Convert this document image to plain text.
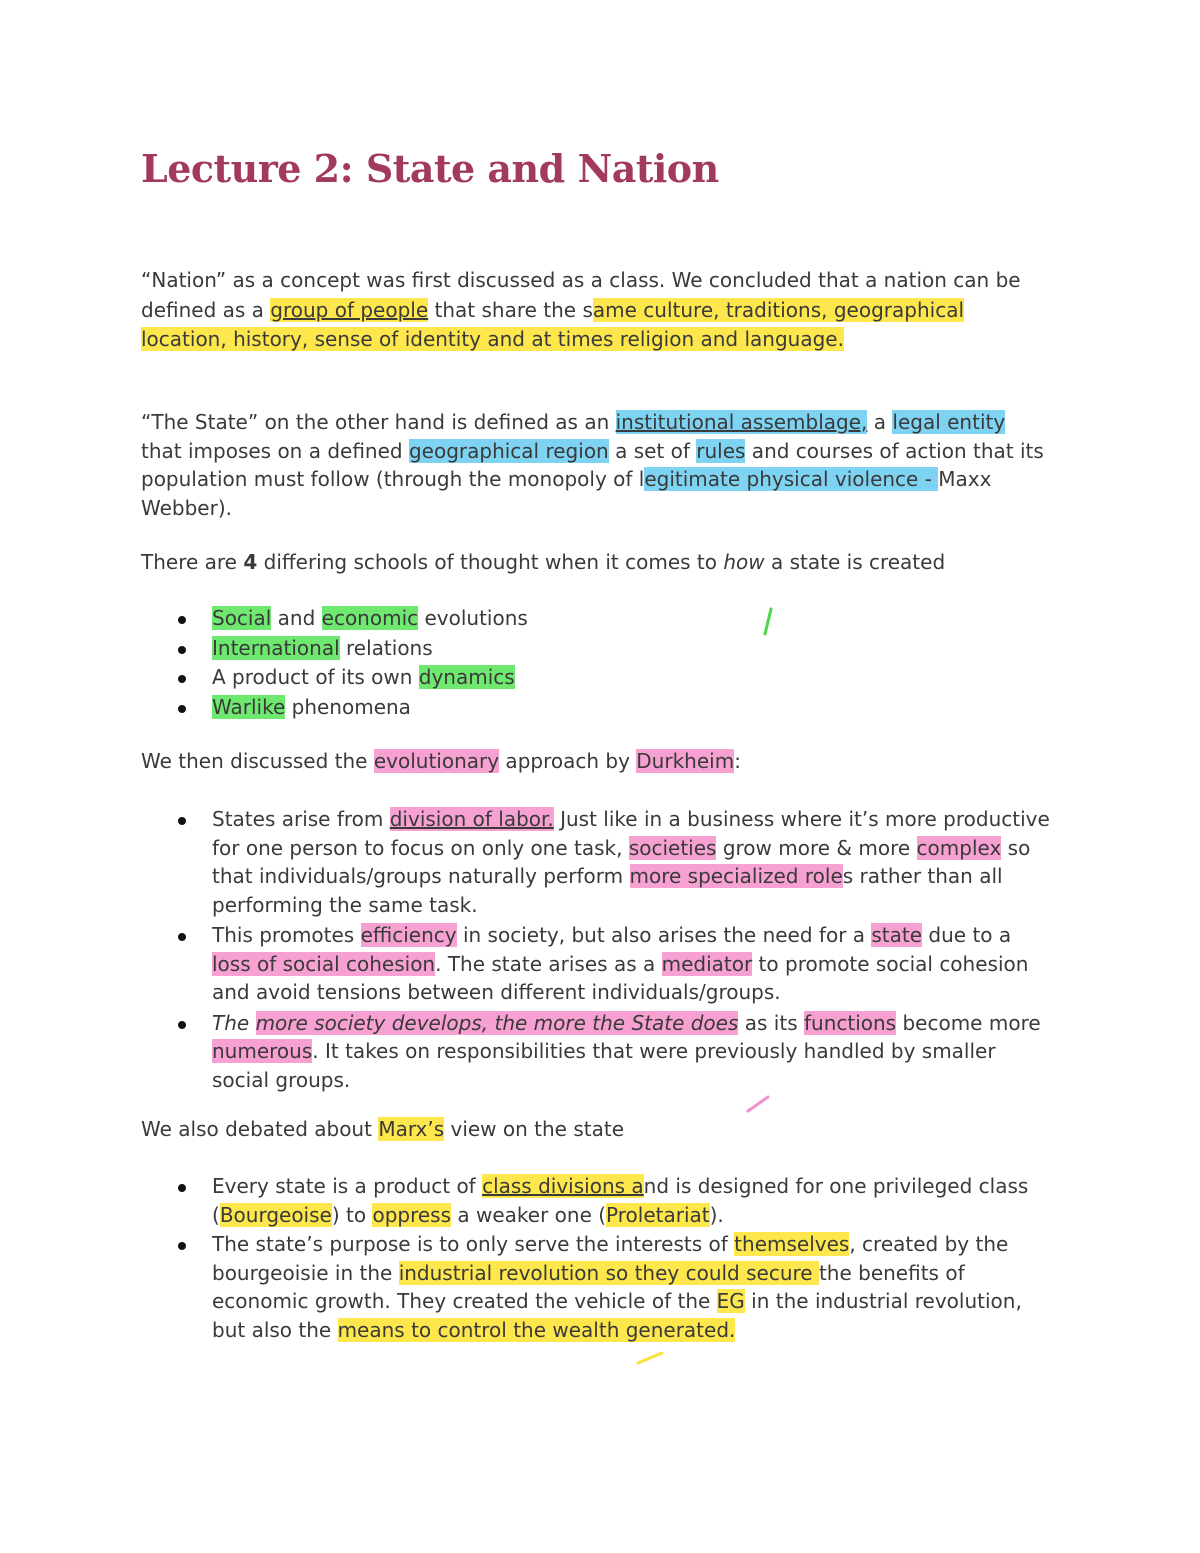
Lecture 2: State and Nation

“Nation” as a concept was first discussed as a class. We concluded that a nation can be defined as a group of people that share the same culture, traditions, geographical location, history, sense of identity and at times religion and language.

“The State” on the other hand is defined as an institutional assemblage, a legal entity that imposes on a defined geographical region a set of rules and courses of action that its population must follow (through the monopoly of legitimate physical violence - Maxx Webber).

There are 4 differing schools of thought when it comes to how a state is created

Social and economic evolutions
International relations
A product of its own dynamics
Warlike phenomena

We then discussed the evolutionary approach by Durkheim:

States arise from division of labor. Just like in a business where it’s more productive for one person to focus on only one task, societies grow more & more complex so that individuals/groups naturally perform more specialized roles rather than all performing the same task.
This promotes efficiency in society, but also arises the need for a state due to a loss of social cohesion. The state arises as a mediator to promote social cohesion and avoid tensions between different individuals/groups.
The more society develops, the more the State does as its functions become more numerous. It takes on responsibilities that were previously handled by smaller social groups.

We also debated about Marx’s view on the state

Every state is a product of class divisions and is designed for one privileged class (Bourgeoise) to oppress a weaker one (Proletariat).
The state’s purpose is to only serve the interests of themselves, created by the bourgeoisie in the industrial revolution so they could secure the benefits of economic growth. They created the vehicle of the EG in the industrial revolution, but also the means to control the wealth generated.
